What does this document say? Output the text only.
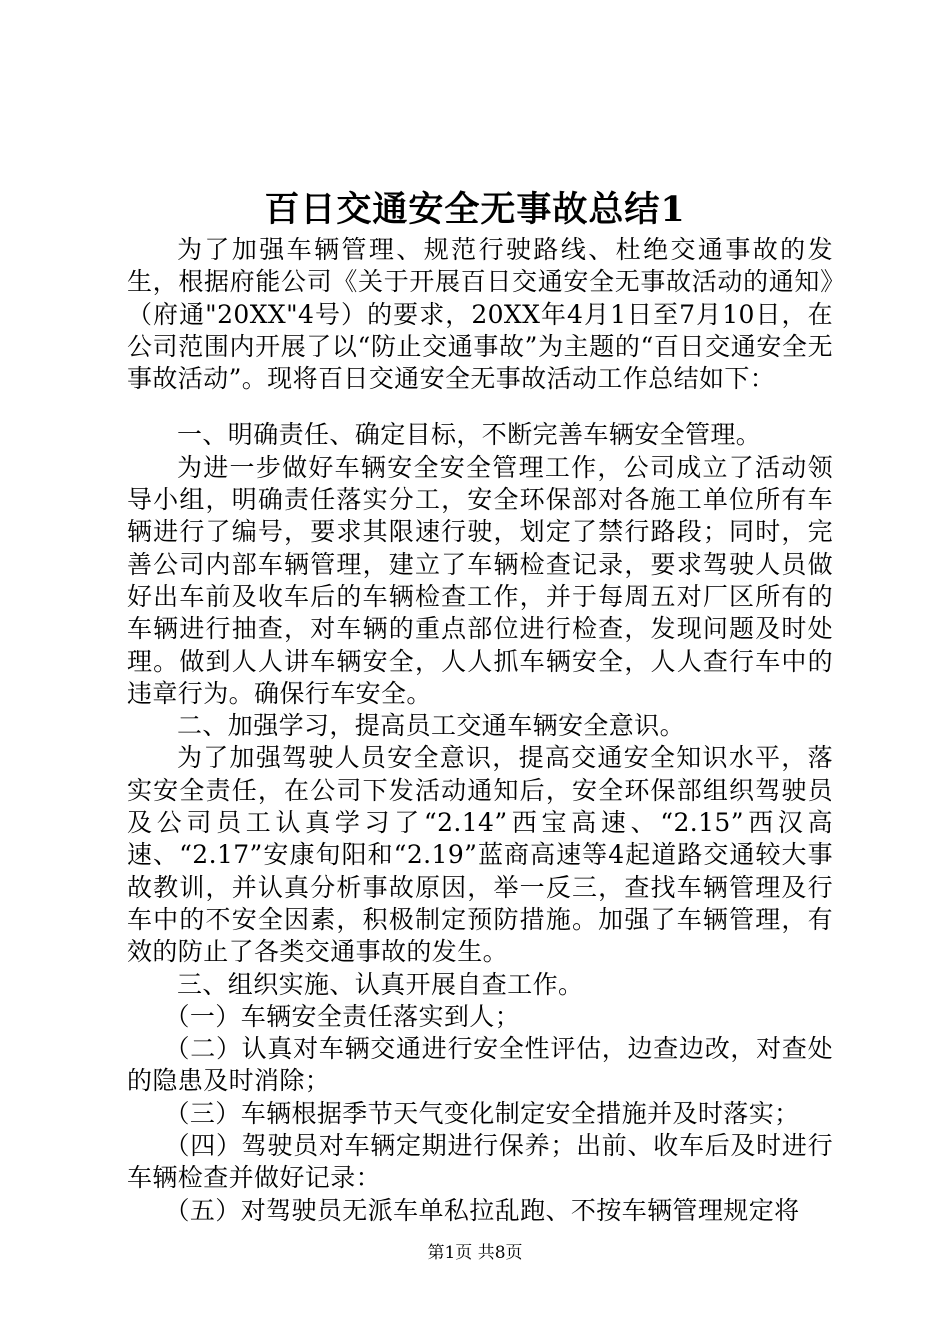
百日交通安全无事故总结1

为了加强车辆管理、规范行驶路线、杜绝交通事故的发生，根据府能公司《关于开展百日交通安全无事故活动的通知》（府通"20XX"4号）的要求，20XX年4月1日至7月10日，在公司范围内开展了以“防止交通事故”为主题的“百日交通安全无事故活动”。现将百日交通安全无事故活动工作总结如下：

一、明确责任、确定目标，不断完善车辆安全管理。

为进一步做好车辆安全安全管理工作，公司成立了活动领导小组，明确责任落实分工，安全环保部对各施工单位所有车辆进行了编号，要求其限速行驶，划定了禁行路段；同时，完善公司内部车辆管理，建立了车辆检查记录，要求驾驶人员做好出车前及收车后的车辆检查工作，并于每周五对厂区所有的车辆进行抽查，对车辆的重点部位进行检查，发现问题及时处理。做到人人讲车辆安全，人人抓车辆安全，人人查行车中的违章行为。确保行车安全。

二、加强学习，提高员工交通车辆安全意识。

为了加强驾驶人员安全意识，提高交通安全知识水平，落实安全责任，在公司下发活动通知后，安全环保部组织驾驶员及公司员工认真学习了“2.14”西宝高速、“2.15”西汉高速、“2.17”安康旬阳和“2.19”蓝商高速等4起道路交通较大事故教训，并认真分析事故原因，举一反三，查找车辆管理及行车中的不安全因素，积极制定预防措施。加强了车辆管理，有效的防止了各类交通事故的发生。

三、组织实施、认真开展自查工作。

（一）车辆安全责任落实到人；

（二）认真对车辆交通进行安全性评估，边查边改，对查处的隐患及时消除；

（三）车辆根据季节天气变化制定安全措施并及时落实；

（四）驾驶员对车辆定期进行保养；出前、收车后及时进行车辆检查并做好记录：

（五）对驾驶员无派车单私拉乱跑、不按车辆管理规定将

第1页 共8页
